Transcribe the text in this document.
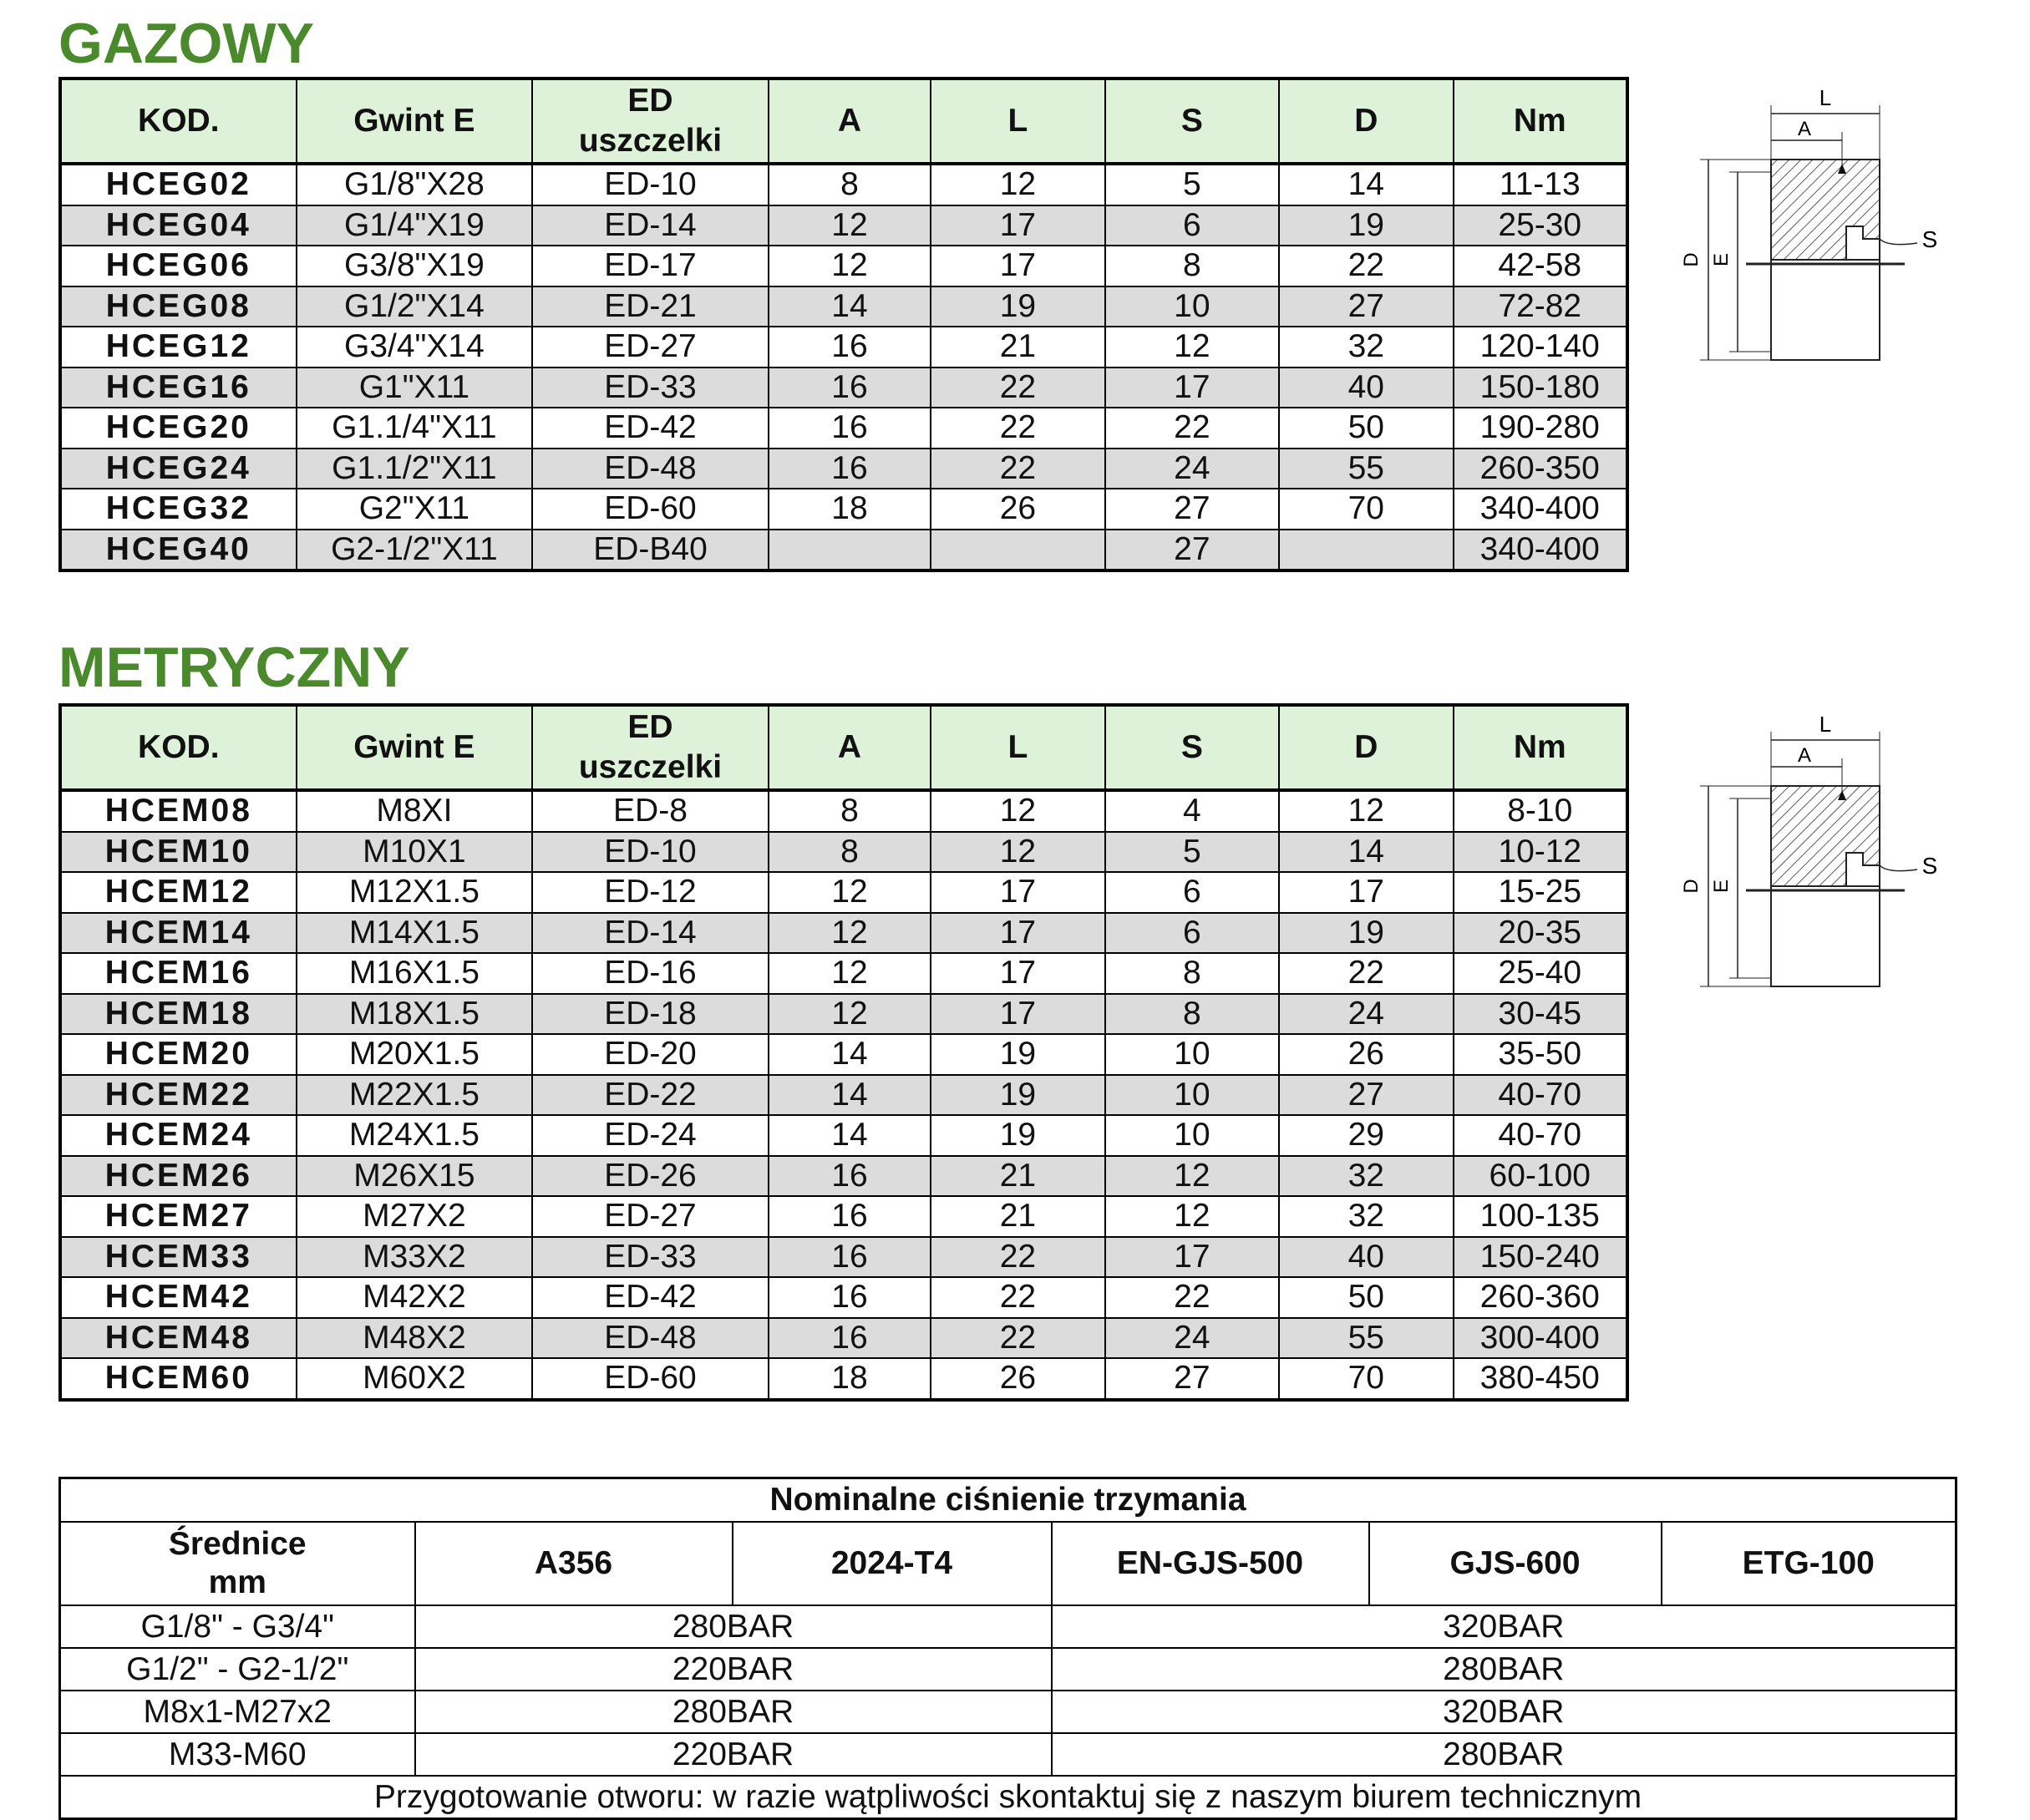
GAZOWY
KOD.	Gwint E	ED
uszczelki	A	L	S	D	Nm
HCEG02	G1/8"X28	ED-10	8	12	5	14	11-13
HCEG04	G1/4"X19	ED-14	12	17	6	19	25-30
HCEG06	G3/8"X19	ED-17	12	17	8	22	42-58
HCEG08	G1/2"X14	ED-21	14	19	10	27	72-82
HCEG12	G3/4"X14	ED-27	16	21	12	32	120-140
HCEG16	G1"X11	ED-33	16	22	17	40	150-180
HCEG20	G1.1/4"X11	ED-42	16	22	22	50	190-280
HCEG24	G1.1/2"X11	ED-48	16	22	24	55	260-350
HCEG32	G2"X11	ED-60	18	26	27	70	340-400
HCEG40	G2-1/2"X11	ED-B40			27		340-400
L
A
D E
S
METRYCZNY
KOD.	Gwint E	ED
uszczelki	A	L	S	D	Nm
HCEM08	M8XI	ED-8	8	12	4	12	8-10
HCEM10	M10X1	ED-10	8	12	5	14	10-12
HCEM12	M12X1.5	ED-12	12	17	6	17	15-25
HCEM14	M14X1.5	ED-14	12	17	6	19	20-35
HCEM16	M16X1.5	ED-16	12	17	8	22	25-40
HCEM18	M18X1.5	ED-18	12	17	8	24	30-45
HCEM20	M20X1.5	ED-20	14	19	10	26	35-50
HCEM22	M22X1.5	ED-22	14	19	10	27	40-70
HCEM24	M24X1.5	ED-24	14	19	10	29	40-70
HCEM26	M26X15	ED-26	16	21	12	32	60-100
HCEM27	M27X2	ED-27	16	21	12	32	100-135
HCEM33	M33X2	ED-33	16	22	17	40	150-240
HCEM42	M42X2	ED-42	16	22	22	50	260-360
HCEM48	M48X2	ED-48	16	22	24	55	300-400
HCEM60	M60X2	ED-60	18	26	27	70	380-450
L
A
D E
S
Nominalne ciśnienie trzymania					
Średnice
mm	A356	2024-T4	EN-GJS-500	GJS-600	ETG-100
G1/8" - G3/4"	280BAR		320BAR		
G1/2" - G2-1/2"	220BAR		280BAR		
M8x1-M27x2	280BAR		320BAR		
M33-M60	220BAR		280BAR		
Przygotowanie otworu: w razie wątpliwości skontaktuj się z naszym biurem technicznym					
